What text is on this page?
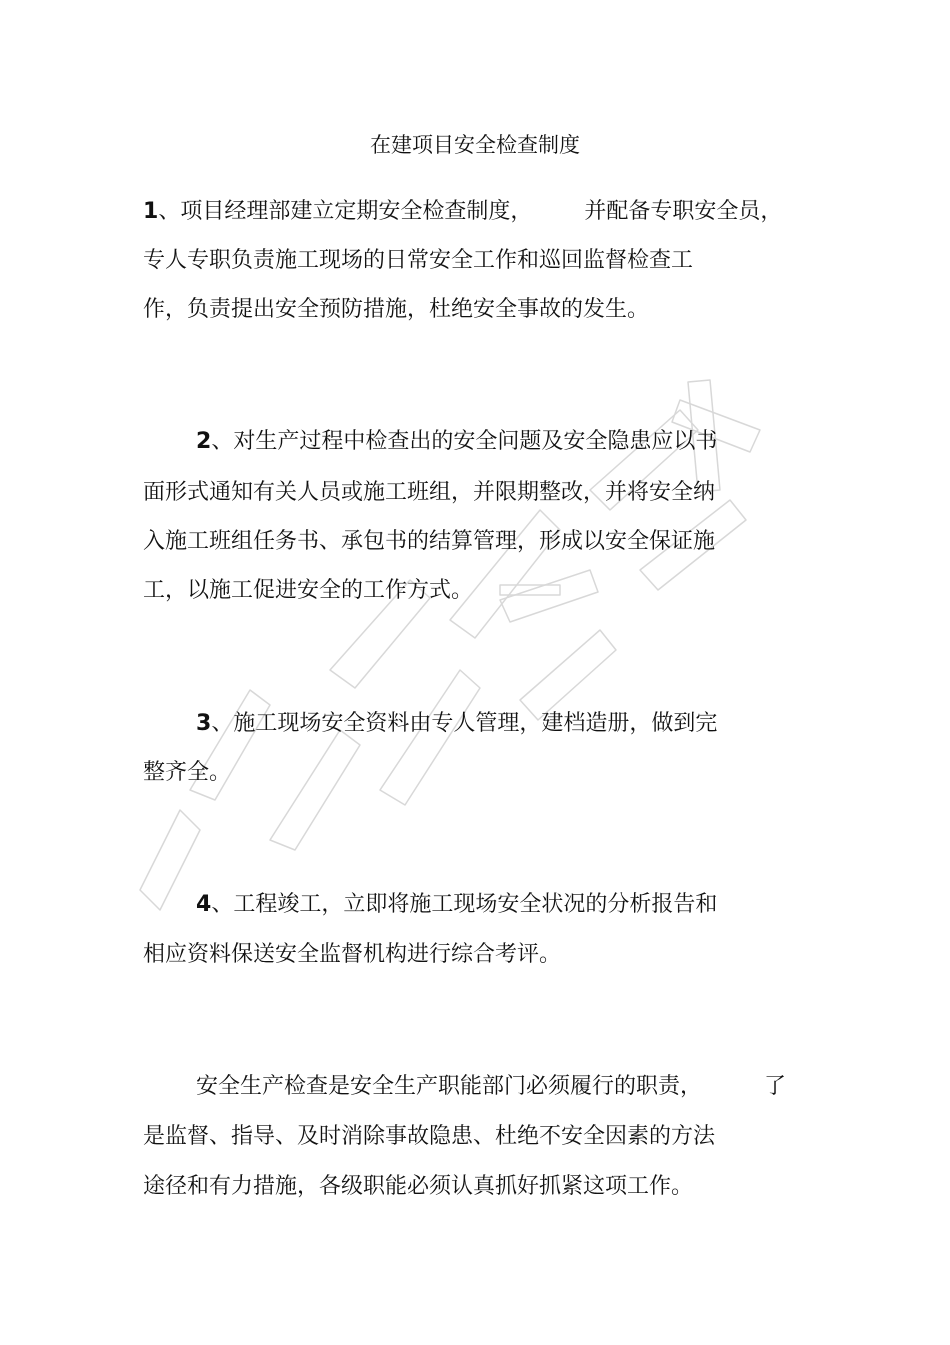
在建项目安全检查制度
1、项目经理部建立定期安全检查制度， 并配备专职安全员，
专人专职负责施工现场的日常安全工作和巡回监督检查工
作，负责提出安全预防措施，杜绝安全事故的发生。
2、对生产过程中检查出的安全问题及安全隐患应以书
面形式通知有关人员或施工班组，并限期整改，并将安全纳
入施工班组任务书、承包书的结算管理，形成以安全保证施
工，以施工促进安全的工作方式。
3、施工现场安全资料由专人管理，建档造册，做到完
整齐全。
4、工程竣工，立即将施工现场安全状况的分析报告和
相应资料保送安全监督机构进行综合考评。
安全生产检查是安全生产职能部门必须履行的职责，	了
是监督、指导、及时消除事故隐患、杜绝不安全因素的方法
途径和有力措施，各级职能必须认真抓好抓紧这项工作。
